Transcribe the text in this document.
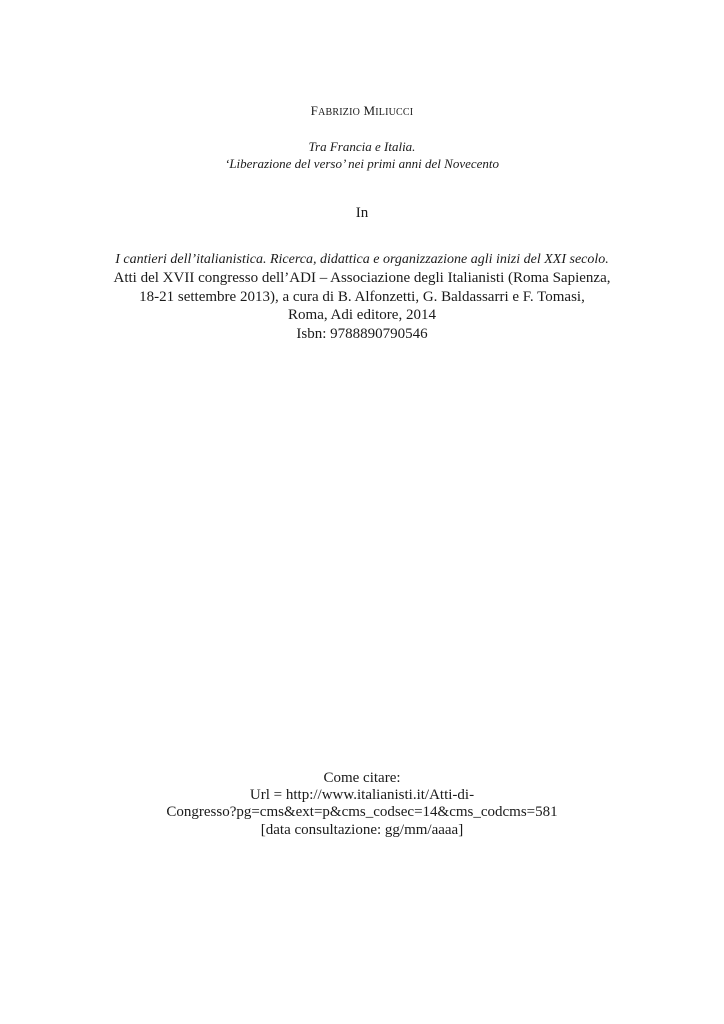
FABRIZIO MILIUCCI
Tra Francia e Italia.
‘Liberazione del verso’ nei primi anni del Novecento
In
I cantieri dell’italianistica. Ricerca, didattica e organizzazione agli inizi del XXI secolo.
Atti del XVII congresso dell’ADI – Associazione degli Italianisti (Roma Sapienza,
18-21 settembre 2013), a cura di B. Alfonzetti, G. Baldassarri e F. Tomasi,
Roma, Adi editore, 2014
Isbn: 9788890790546
Come citare:
Url = http://www.italianisti.it/Atti-di-
Congresso?pg=cms&ext=p&cms_codsec=14&cms_codcms=581
[data consultazione: gg/mm/aaaa]
